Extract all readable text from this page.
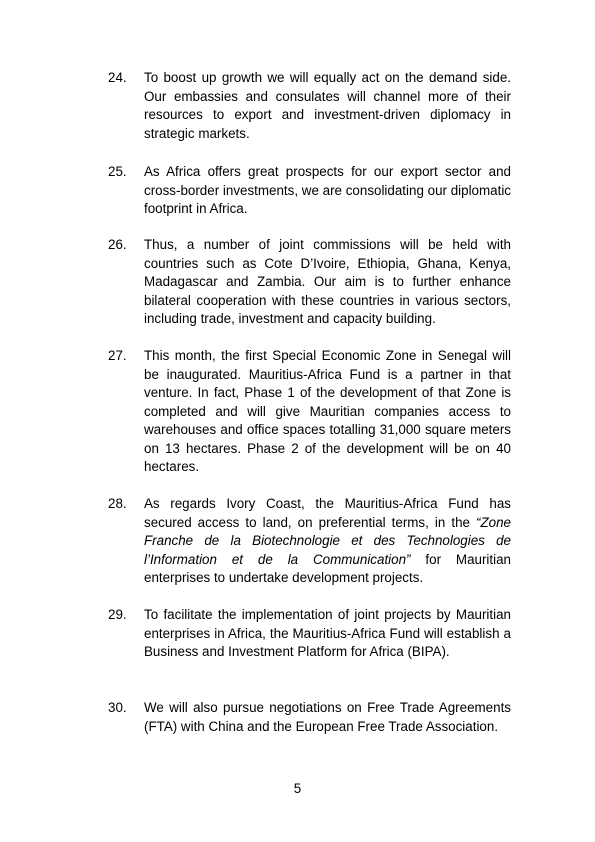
24.	To boost up growth we will equally act on the demand side. Our embassies and consulates will channel more of their resources to export and investment-driven diplomacy in strategic markets.
25.	As Africa offers great prospects for our export sector and cross-border investments, we are consolidating our diplomatic footprint in Africa.
26.	Thus, a number of joint commissions will be held with countries such as Cote D’Ivoire, Ethiopia, Ghana, Kenya, Madagascar and Zambia. Our aim is to further enhance bilateral cooperation with these countries in various sectors, including trade, investment and capacity building.
27.	This month, the first Special Economic Zone in Senegal will be inaugurated. Mauritius-Africa Fund is a partner in that venture. In fact, Phase 1 of the development of that Zone is completed and will give Mauritian companies access to warehouses and office spaces totalling 31,000 square meters on 13 hectares. Phase 2 of the development will be on 40 hectares.
28.	As regards Ivory Coast, the Mauritius-Africa Fund has secured access to land, on preferential terms, in the “Zone Franche de la Biotechnologie et des Technologies de l’Information et de la Communication” for Mauritian enterprises to undertake development projects.
29.	To facilitate the implementation of joint projects by Mauritian enterprises in Africa, the Mauritius-Africa Fund will establish a Business and Investment Platform for Africa (BIPA).
30.	We will also pursue negotiations on Free Trade Agreements (FTA) with China and the European Free Trade Association.
5
